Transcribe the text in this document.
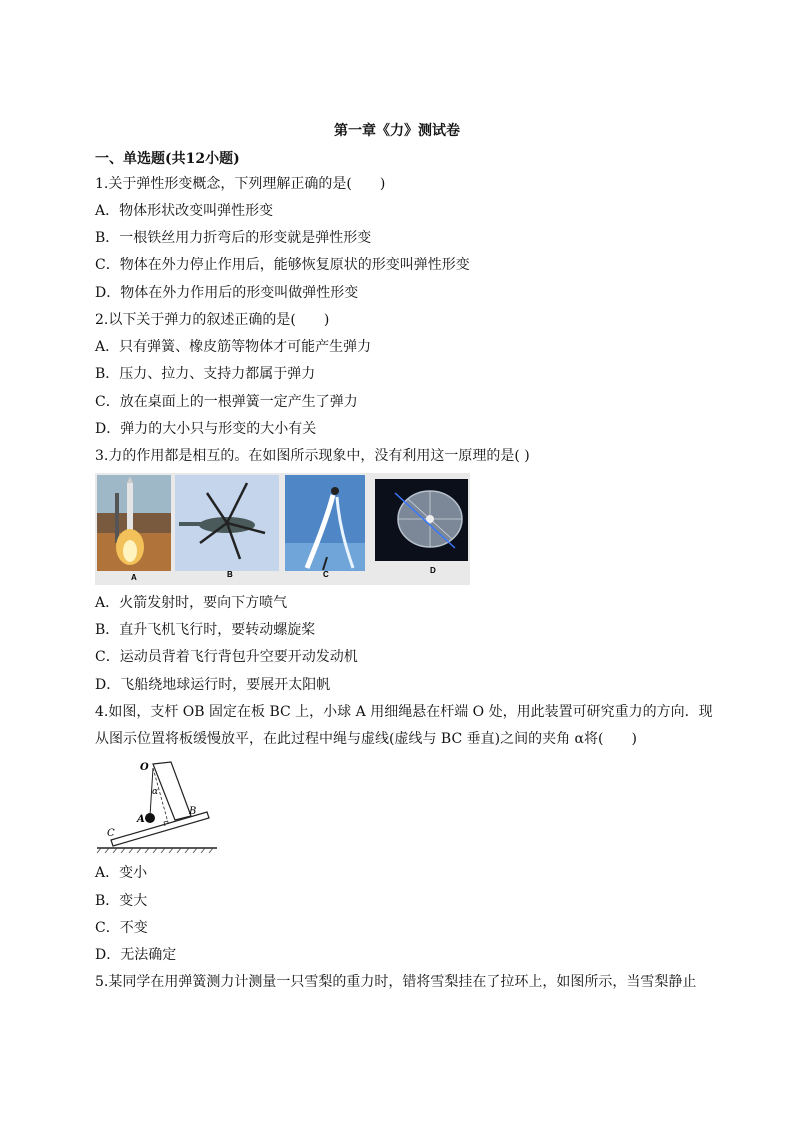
第一章《力》测试卷
一、单选题(共12小题)
1.关于弹性形变概念，下列理解正确的是(　　)
A．物体形状改变叫弹性形变
B．一根铁丝用力折弯后的形变就是弹性形变
C．物体在外力停止作用后，能够恢复原状的形变叫弹性形变
D．物体在外力作用后的形变叫做弹性形变
2.以下关于弹力的叙述正确的是(　　)
A．只有弹簧、橡皮筋等物体才可能产生弹力
B．压力、拉力、支持力都属于弹力
C．放在桌面上的一根弹簧一定产生了弹力
D．弹力的大小只与形变的大小有关
3.力的作用都是相互的。在如图所示现象中，没有利用这一原理的是( )
A	B	C	D
A．火箭发射时，要向下方喷气
B．直升飞机飞行时，要转动螺旋桨
C．运动员背着飞行背包升空要开动发动机
D．飞船绕地球运行时，要展开太阳帆
4.如图，支杆 OB 固定在板 BC 上，小球 A 用细绳悬在杆端 O 处，用此装置可研究重力的方向．现
从图示位置将板缓慢放平，在此过程中绳与虚线(虚线与 BC 垂直)之间的夹角 α将(　　)
O
α
A
B
C
A．变小
B．变大
C．不变
D．无法确定
5.某同学在用弹簧测力计测量一只雪梨的重力时，错将雪梨挂在了拉环上，如图所示，当雪梨静止
